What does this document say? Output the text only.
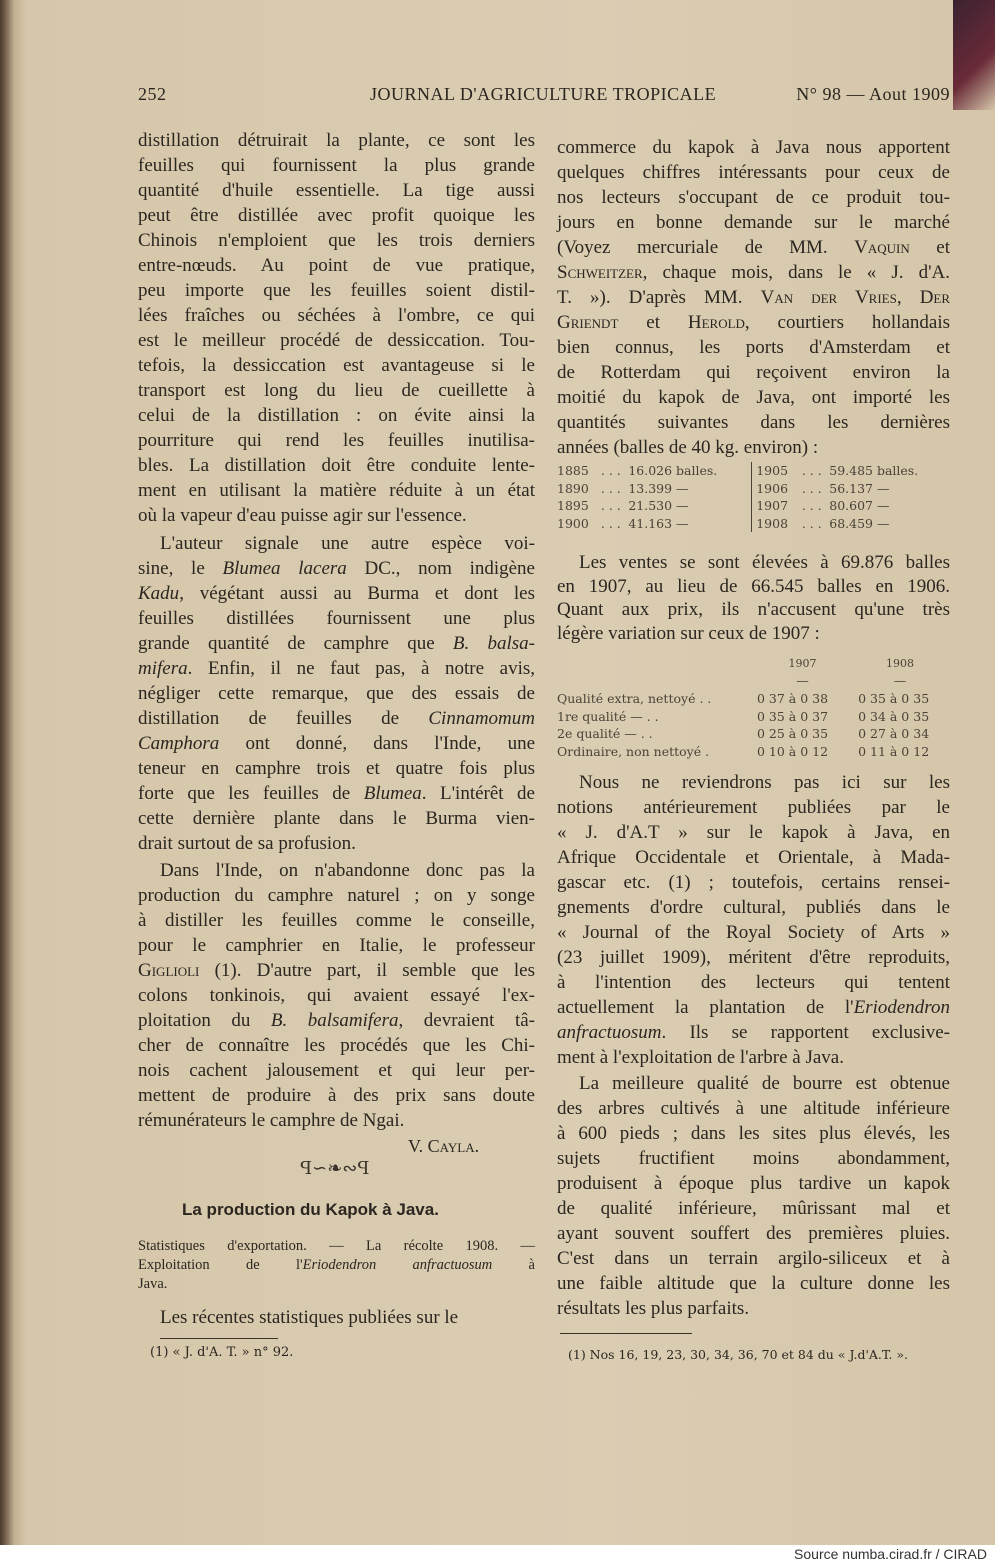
252	JOURNAL D'AGRICULTURE TROPICALE	N° 98 — Aout 1909
distillation détruirait la plante, ce sont les
feuilles qui fournissent la plus grande
quantité d'huile essentielle. La tige aussi
peut être distillée avec profit quoique les
Chinois n'emploient que les trois derniers
entre-nœuds. Au point de vue pratique,
peu importe que les feuilles soient distil-
lées fraîches ou séchées à l'ombre, ce qui
est le meilleur procédé de dessiccation. Tou-
tefois, la dessiccation est avantageuse si le
transport est long du lieu de cueillette à
celui de la distillation : on évite ainsi la
pourriture qui rend les feuilles inutilisa-
bles. La distillation doit être conduite lente-
ment en utilisant la matière réduite à un état
où la vapeur d'eau puisse agir sur l'essence.
L'auteur signale une autre espèce voi-
sine, le Blumea lacera DC., nom indigène
Kadu, végétant aussi au Burma et dont les
feuilles distillées fournissent une plus
grande quantité de camphre que B. balsa-
mifera. Enfin, il ne faut pas, à notre avis,
négliger cette remarque, que des essais de
distillation de feuilles de Cinnamomum
Camphora ont donné, dans l'Inde, une
teneur en camphre trois et quatre fois plus
forte que les feuilles de Blumea. L'intérêt de
cette dernière plante dans le Burma vien-
drait surtout de sa profusion.
Dans l'Inde, on n'abandonne donc pas la
production du camphre naturel ; on y songe
à distiller les feuilles comme le conseille,
pour le camphrier en Italie, le professeur
Giglioli (1). D'autre part, il semble que les
colons tonkinois, qui avaient essayé l'ex-
ploitation du B. balsamifera, devraient tâ-
cher de connaître les procédés que les Chi-
nois cachent jalousement et qui leur per-
mettent de produire à des prix sans doute
rémunérateurs le camphre de Ngai.
V. Cayla.
ꟼ∽❧∾ꟼ
La production du Kapok à Java.
Statistiques d'exportation. — La récolte 1908. —
Exploitation de l'Eriodendron anfractuosum à
Java.
Les récentes statistiques publiées sur le
(1) « J. d'A. T. » n° 92.
commerce du kapok à Java nous apportent
quelques chiffres intéressants pour ceux de
nos lecteurs s'occupant de ce produit tou-
jours en bonne demande sur le marché
(Voyez mercuriale de MM. Vaquin et
Schweitzer, chaque mois, dans le « J. d'A.
T. »). D'après MM. Van der Vries, Der
Griendt et Herold, courtiers hollandais
bien connus, les ports d'Amsterdam et
de Rotterdam qui reçoivent environ la
moitié du kapok de Java, ont importé les
quantités suivantes dans les dernières
années (balles de 40 kg. environ) :
1885	. . .	16.026 balles.	1905	. . .	59.485 balles.
1890	. . .	13.399 —	1906	. . .	56.137 —
1895	. . .	21.530 —	1907	. . .	80.607 —
1900	. . .	41.163 —	1908	. . .	68.459 —
Les ventes se sont élevées à 69.876 balles
en 1907, au lieu de 66.545 balles en 1906.
Quant aux prix, ils n'accusent qu'une très
légère variation sur ceux de 1907 :
	1907	1908
	—	—
Qualité extra, nettoyé . .	0 37 à 0 38	0 35 à 0 35
1re qualité — . .	0 35 à 0 37	0 34 à 0 35
2e qualité — . .	0 25 à 0 35	0 27 à 0 34
Ordinaire, non nettoyé .	0 10 à 0 12	0 11 à 0 12
Nous ne reviendrons pas ici sur les
notions antérieurement publiées par le
« J. d'A.T » sur le kapok à Java, en
Afrique Occidentale et Orientale, à Mada-
gascar etc. (1) ; toutefois, certains rensei-
gnements d'ordre cultural, publiés dans le
« Journal of the Royal Society of Arts »
(23 juillet 1909), méritent d'être reproduits,
à l'intention des lecteurs qui tentent
actuellement la plantation de l'Eriodendron
anfractuosum. Ils se rapportent exclusive-
ment à l'exploitation de l'arbre à Java.
La meilleure qualité de bourre est obtenue
des arbres cultivés à une altitude inférieure
à 600 pieds ; dans les sites plus élevés, les
sujets fructifient moins abondamment,
produisent à époque plus tardive un kapok
de qualité inférieure, mûrissant mal et
ayant souvent souffert des premières pluies.
C'est dans un terrain argilo-siliceux et à
une faible altitude que la culture donne les
résultats les plus parfaits.
(1) Nos 16, 19, 23, 30, 34, 36, 70 et 84 du « J.d'A.T. ».
Source numba.cirad.fr / CIRAD
